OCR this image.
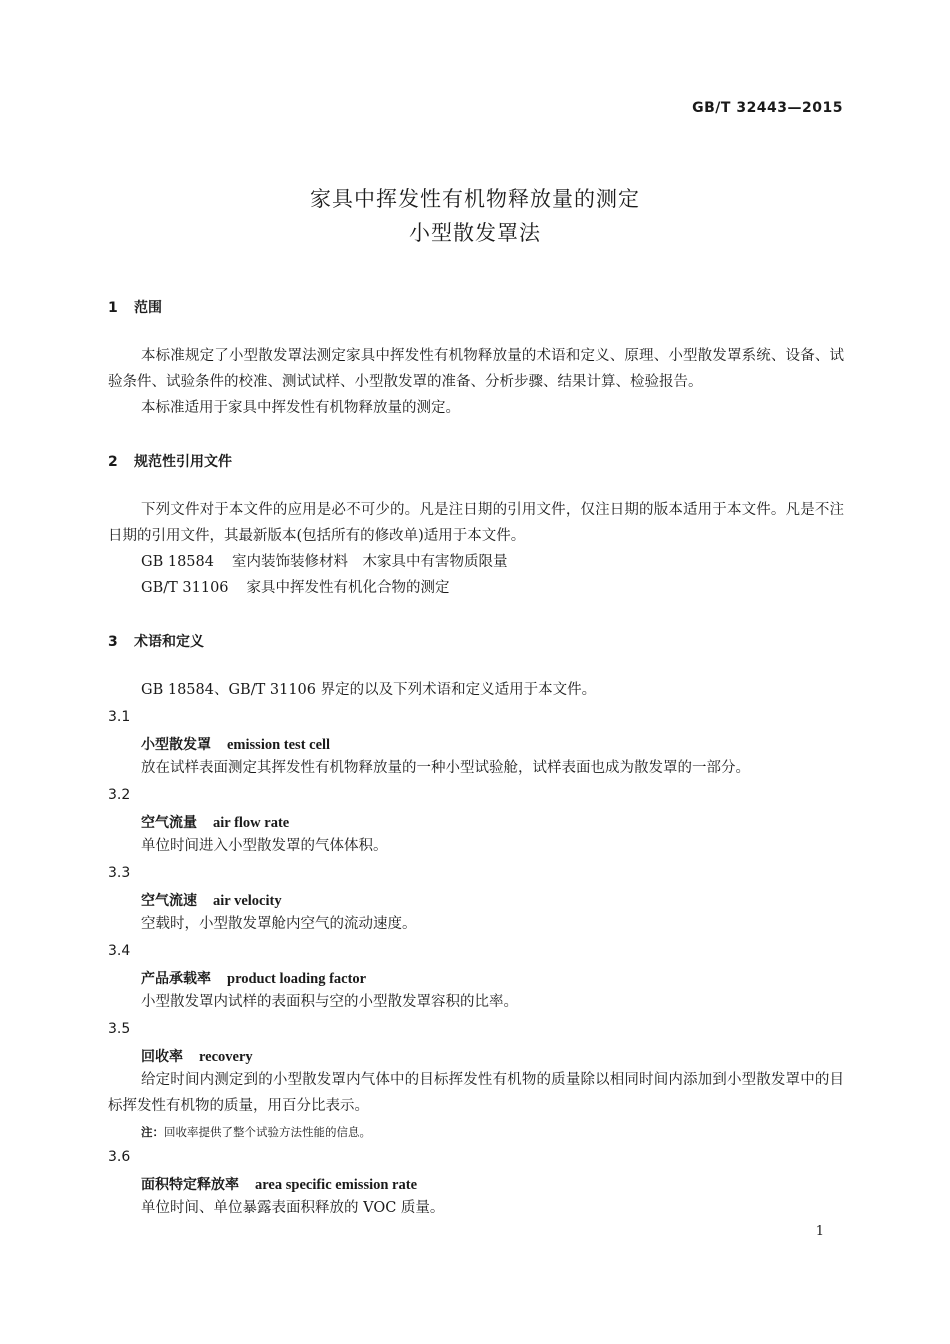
GB/T 32443—2015
家具中挥发性有机物释放量的测定
小型散发罩法
1 范围

本标准规定了小型散发罩法测定家具中挥发性有机物释放量的术语和定义、原理、小型散发罩系统、设备、试验条件、试验条件的校准、测试试样、小型散发罩的准备、分析步骤、结果计算、检验报告。

本标准适用于家具中挥发性有机物释放量的测定。

2 规范性引用文件

下列文件对于本文件的应用是必不可少的。凡是注日期的引用文件，仅注日期的版本适用于本文件。凡是不注日期的引用文件，其最新版本(包括所有的修改单)适用于本文件。

GB 18584 室内装饰装修材料　木家具中有害物质限量
GB/T 31106 家具中挥发性有机化合物的测定
3 术语和定义
GB 18584、GB/T 31106 界定的以及下列术语和定义适用于本文件。
3.1
小型散发罩 emission test cell
放在试样表面测定其挥发性有机物释放量的一种小型试验舱，试样表面也成为散发罩的一部分。
3.2
空气流量 air flow rate
单位时间进入小型散发罩的气体体积。
3.3
空气流速 air velocity
空载时，小型散发罩舱内空气的流动速度。
3.4
产品承载率 product loading factor
小型散发罩内试样的表面积与空的小型散发罩容积的比率。
3.5
回收率 recovery

给定时间内测定到的小型散发罩内气体中的目标挥发性有机物的质量除以相同时间内添加到小型散发罩中的目标挥发性有机物的质量，用百分比表示。

注：回收率提供了整个试验方法性能的信息。
3.6
面积特定释放率 area specific emission rate
单位时间、单位暴露表面积释放的 VOC 质量。
1
